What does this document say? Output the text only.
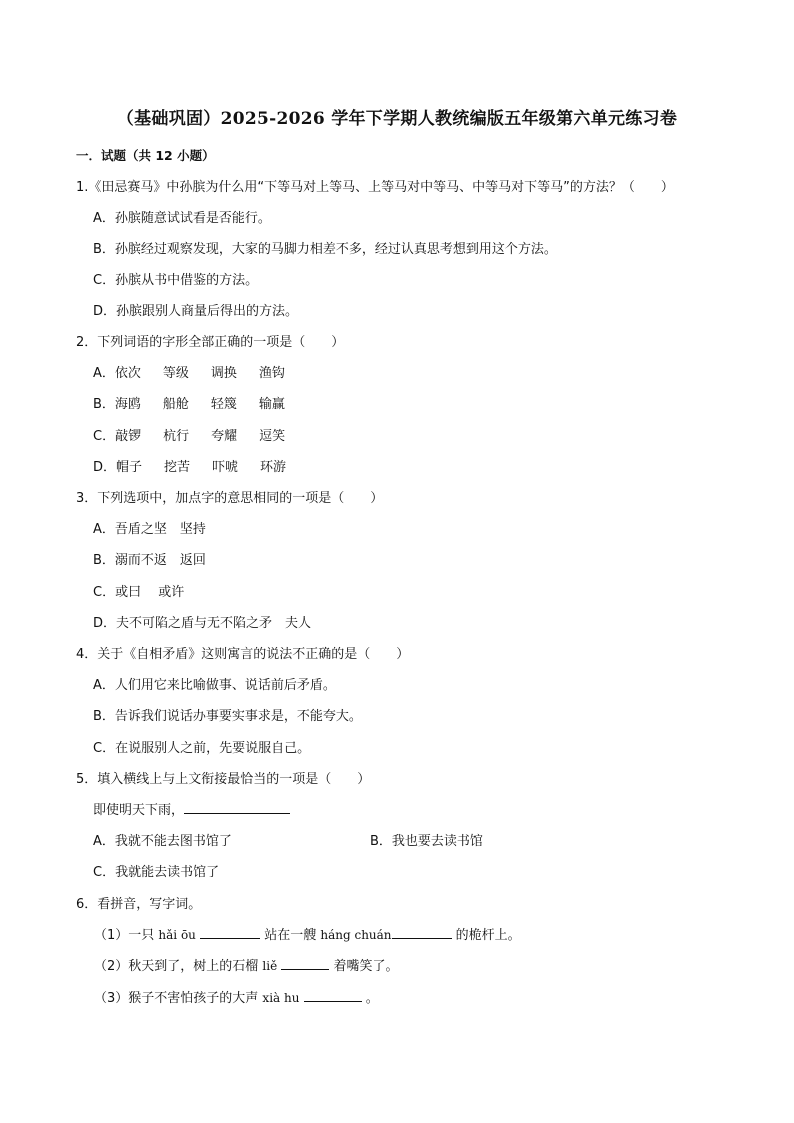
（基础巩固）2025-2026 学年下学期人教统编版五年级第六单元练习卷
一．试题（共 12 小题）
1.《田忌赛马》中孙膑为什么用“下等马对上等马、上等马对中等马、中等马对下等马”的方法？（　　）
A．孙膑随意试试看是否能行。
B．孙膑经过观察发现，大家的马脚力相差不多，经过认真思考想到用这个方法。
C．孙膑从书中借鉴的方法。
D．孙膑跟别人商量后得出的方法。
2．下列词语的字形全部正确的一项是（　　）
A．依次 等级 调换 渔钩
B．海鸥 船舱 轻篾 输赢
C．敲锣 杭行 夸耀 逗笑
D．帽子 挖苦 吓唬 环游
3．下列选项中，加点字的意思相同的一项是（　　）
A．吾盾之坚　坚持
B．溺而不返　返回
C．或曰　 或许
D．夫不可陷之盾与无不陷之矛　夫人
4．关于《自相矛盾》这则寓言的说法不正确的是（　　）
A．人们用它来比喻做事、说话前后矛盾。
B．告诉我们说话办事要实事求是，不能夸大。
C．在说服别人之前，先要说服自己。
5．填入横线上与上文衔接最恰当的一项是（　　）
即使明天下雨，
A．我就不能去图书馆了	B．我也要去读书馆
C．我就能去读书馆了
6．看拼音，写字词。
（1）一只 hǎi ōu	站在一艘 háng chuán	的桅杆上。
（2）秋天到了，树上的石榴 liě	着嘴笑了。
（3）猴子不害怕孩子的大声 xià hu	。
